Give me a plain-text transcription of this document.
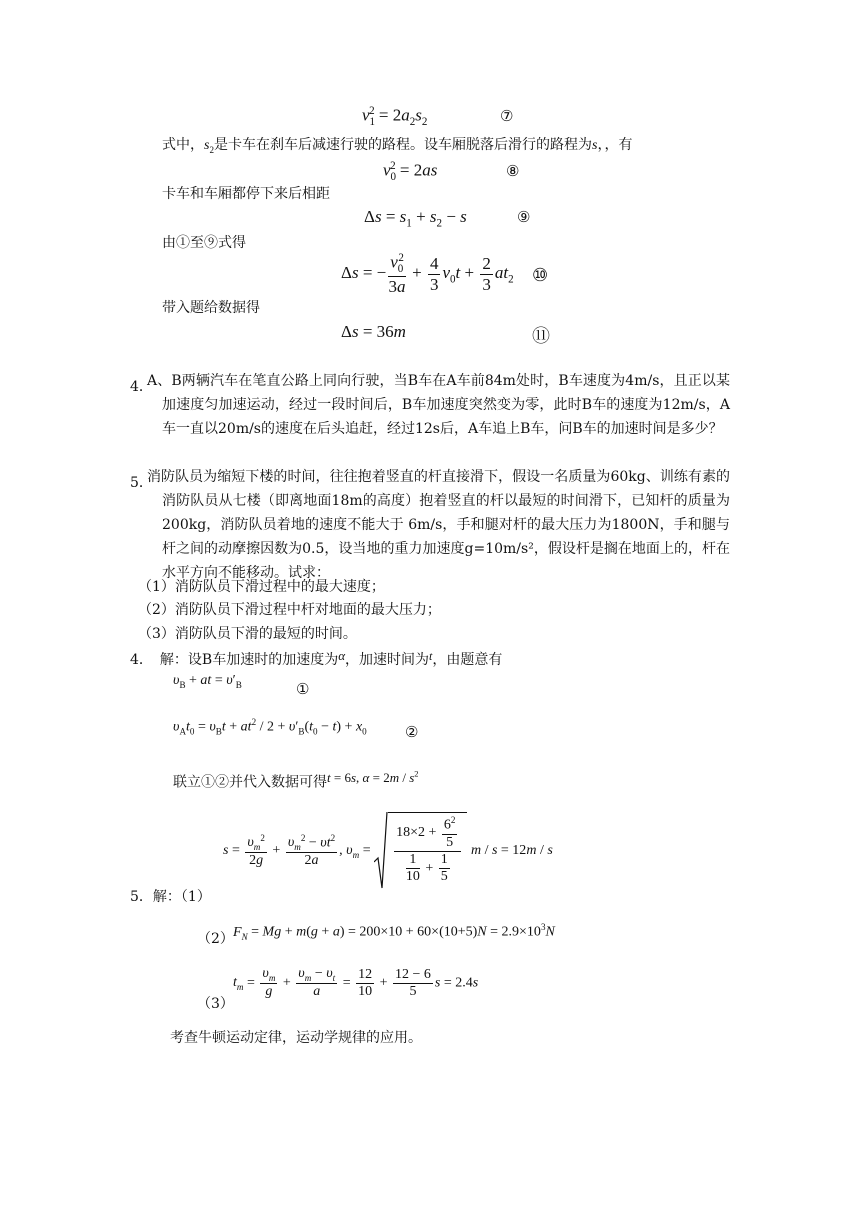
$v_1^2 = 2a_2s_2$	⑦
式中，$s_2$是卡车在刹车后减速行驶的路程。设车厢脱落后滑行的路程为s，，有
$v_0^2 = 2as$	⑧
卡车和车厢都停下来后相距
$\Delta s = s_1 + s_2 - s$	⑨
由①至⑨式得
Δs = − $\frac{v_0^2}{3a} + \frac{4}{3} v_0t + \frac{2}{3} at_2$ ⑩
带入题给数据得
Δs = 36m	⑪
4．
A、B两辆汽车在笔直公路上同向行驶，当B车在A车前84m处时，B车速度为4m/s，且正以某加速度匀加速运动，经过一段时间后，B车加速度突然变为零，此时B车的速度为12m/s，A车一直以20m/s的速度在后头追赶，经过12s后，A车追上B车，问B车的加速时间是多少？
5．
消防队员为缩短下楼的时间，往往抱着竖直的杆直接滑下，假设一名质量为60kg、训练有素的消防队员从七楼（即离地面18m的高度）抱着竖直的杆以最短的时间滑下，已知杆的质量为200kg，消防队员着地的速度不能大于 6m/s，手和腿对杆的最大压力为1800N，手和腿与杆之间的动摩擦因数为0.5，设当地的重力加速度g=10m/s²，假设杆是搁在地面上的，杆在水平方向不能移动。试求：
（1）消防队员下滑过程中的最大速度；
（2）消防队员下滑过程中杆对地面的最大压力；
（3）消防队员下滑的最短的时间。
4．　解：设B车加速时的加速度为α，加速时间为t，由题意有
$\upsilon_B$ + at = $\upsilon'_B$	①
$\upsilon_At_0 = \upsilon_Bt + at^2 / 2 + \upsilon'_B(t_0 - t) + x_0$	②
联立①②并代入数据可得t = 6s, $\alpha = 2m / s^2$
$s = \frac{\upsilon_m^2}{2g} + \frac{\upsilon_m^2 - \upsilon t^2}{2a}$ , $\upsilon_m = \frac{18\times 2 + \frac{6^2}{5}}{\frac{1}{10} + \frac{1}{5}}$ m / s = 12m / s
5．解：（1）
（2） $F_N = Mg + m(g + a) = 200\times 10 + 60\times(10+5)N = 2.9\times 10^3N$
（3）
$t_m = \frac{\upsilon_m}{g} + \frac{\upsilon_m - \upsilon_t}{a} = \frac{12}{10} + \frac{12 - 6}{5}$ s = 2.4s
考查牛顿运动定律，运动学规律的应用。
